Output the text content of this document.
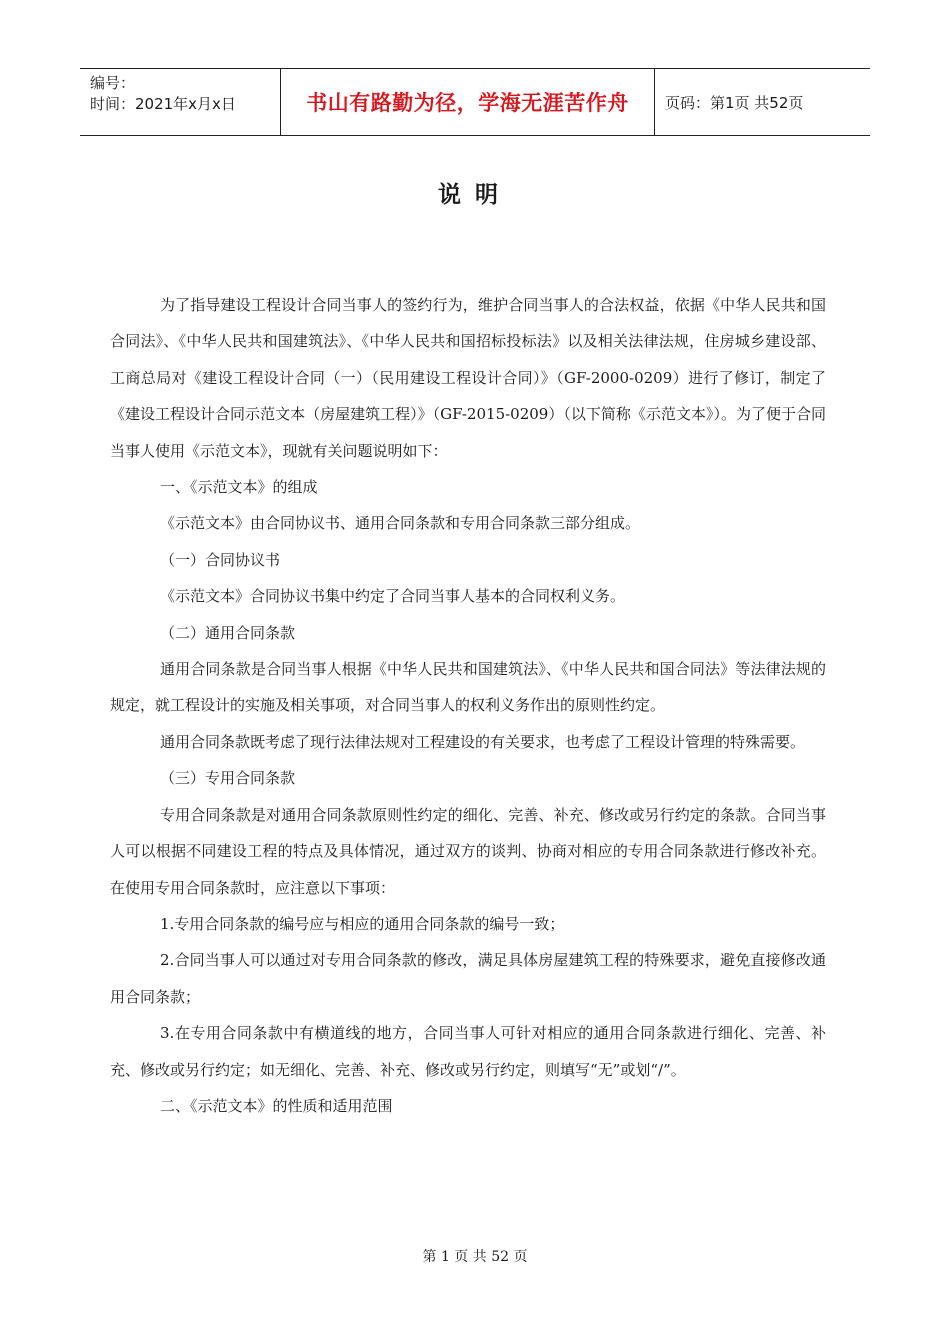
编号：
时间：2021年x月x日	书山有路勤为径，学海无涯苦作舟	页码：第1页 共52页
说明

为了指导建设工程设计合同当事人的签约行为，维护合同当事人的合法权益，依据《中华人民共和国合同法》、《中华人民共和国建筑法》、《中华人民共和国招标投标法》以及相关法律法规，住房城乡建设部、工商总局对《建设工程设计合同（一）（民用建设工程设计合同）》（GF-2000-0209）进行了修订，制定了《建设工程设计合同示范文本（房屋建筑工程）》（GF-2015-0209）（以下简称《示范文本》）。为了便于合同当事人使用《示范文本》，现就有关问题说明如下：

一、《示范文本》的组成

《示范文本》由合同协议书、通用合同条款和专用合同条款三部分组成。

（一）合同协议书

《示范文本》合同协议书集中约定了合同当事人基本的合同权利义务。

（二）通用合同条款

通用合同条款是合同当事人根据《中华人民共和国建筑法》、《中华人民共和国合同法》等法律法规的规定，就工程设计的实施及相关事项，对合同当事人的权利义务作出的原则性约定。

通用合同条款既考虑了现行法律法规对工程建设的有关要求，也考虑了工程设计管理的特殊需要。

（三）专用合同条款

专用合同条款是对通用合同条款原则性约定的细化、完善、补充、修改或另行约定的条款。合同当事人可以根据不同建设工程的特点及具体情况，通过双方的谈判、协商对相应的专用合同条款进行修改补充。在使用专用合同条款时，应注意以下事项：

1.专用合同条款的编号应与相应的通用合同条款的编号一致；

2.合同当事人可以通过对专用合同条款的修改，满足具体房屋建筑工程的特殊要求，避免直接修改通用合同条款；

3.在专用合同条款中有横道线的地方，合同当事人可针对相应的通用合同条款进行细化、完善、补充、修改或另行约定；如无细化、完善、补充、修改或另行约定，则填写“无”或划“/”。

二、《示范文本》的性质和适用范围

第 1 页 共 52 页
